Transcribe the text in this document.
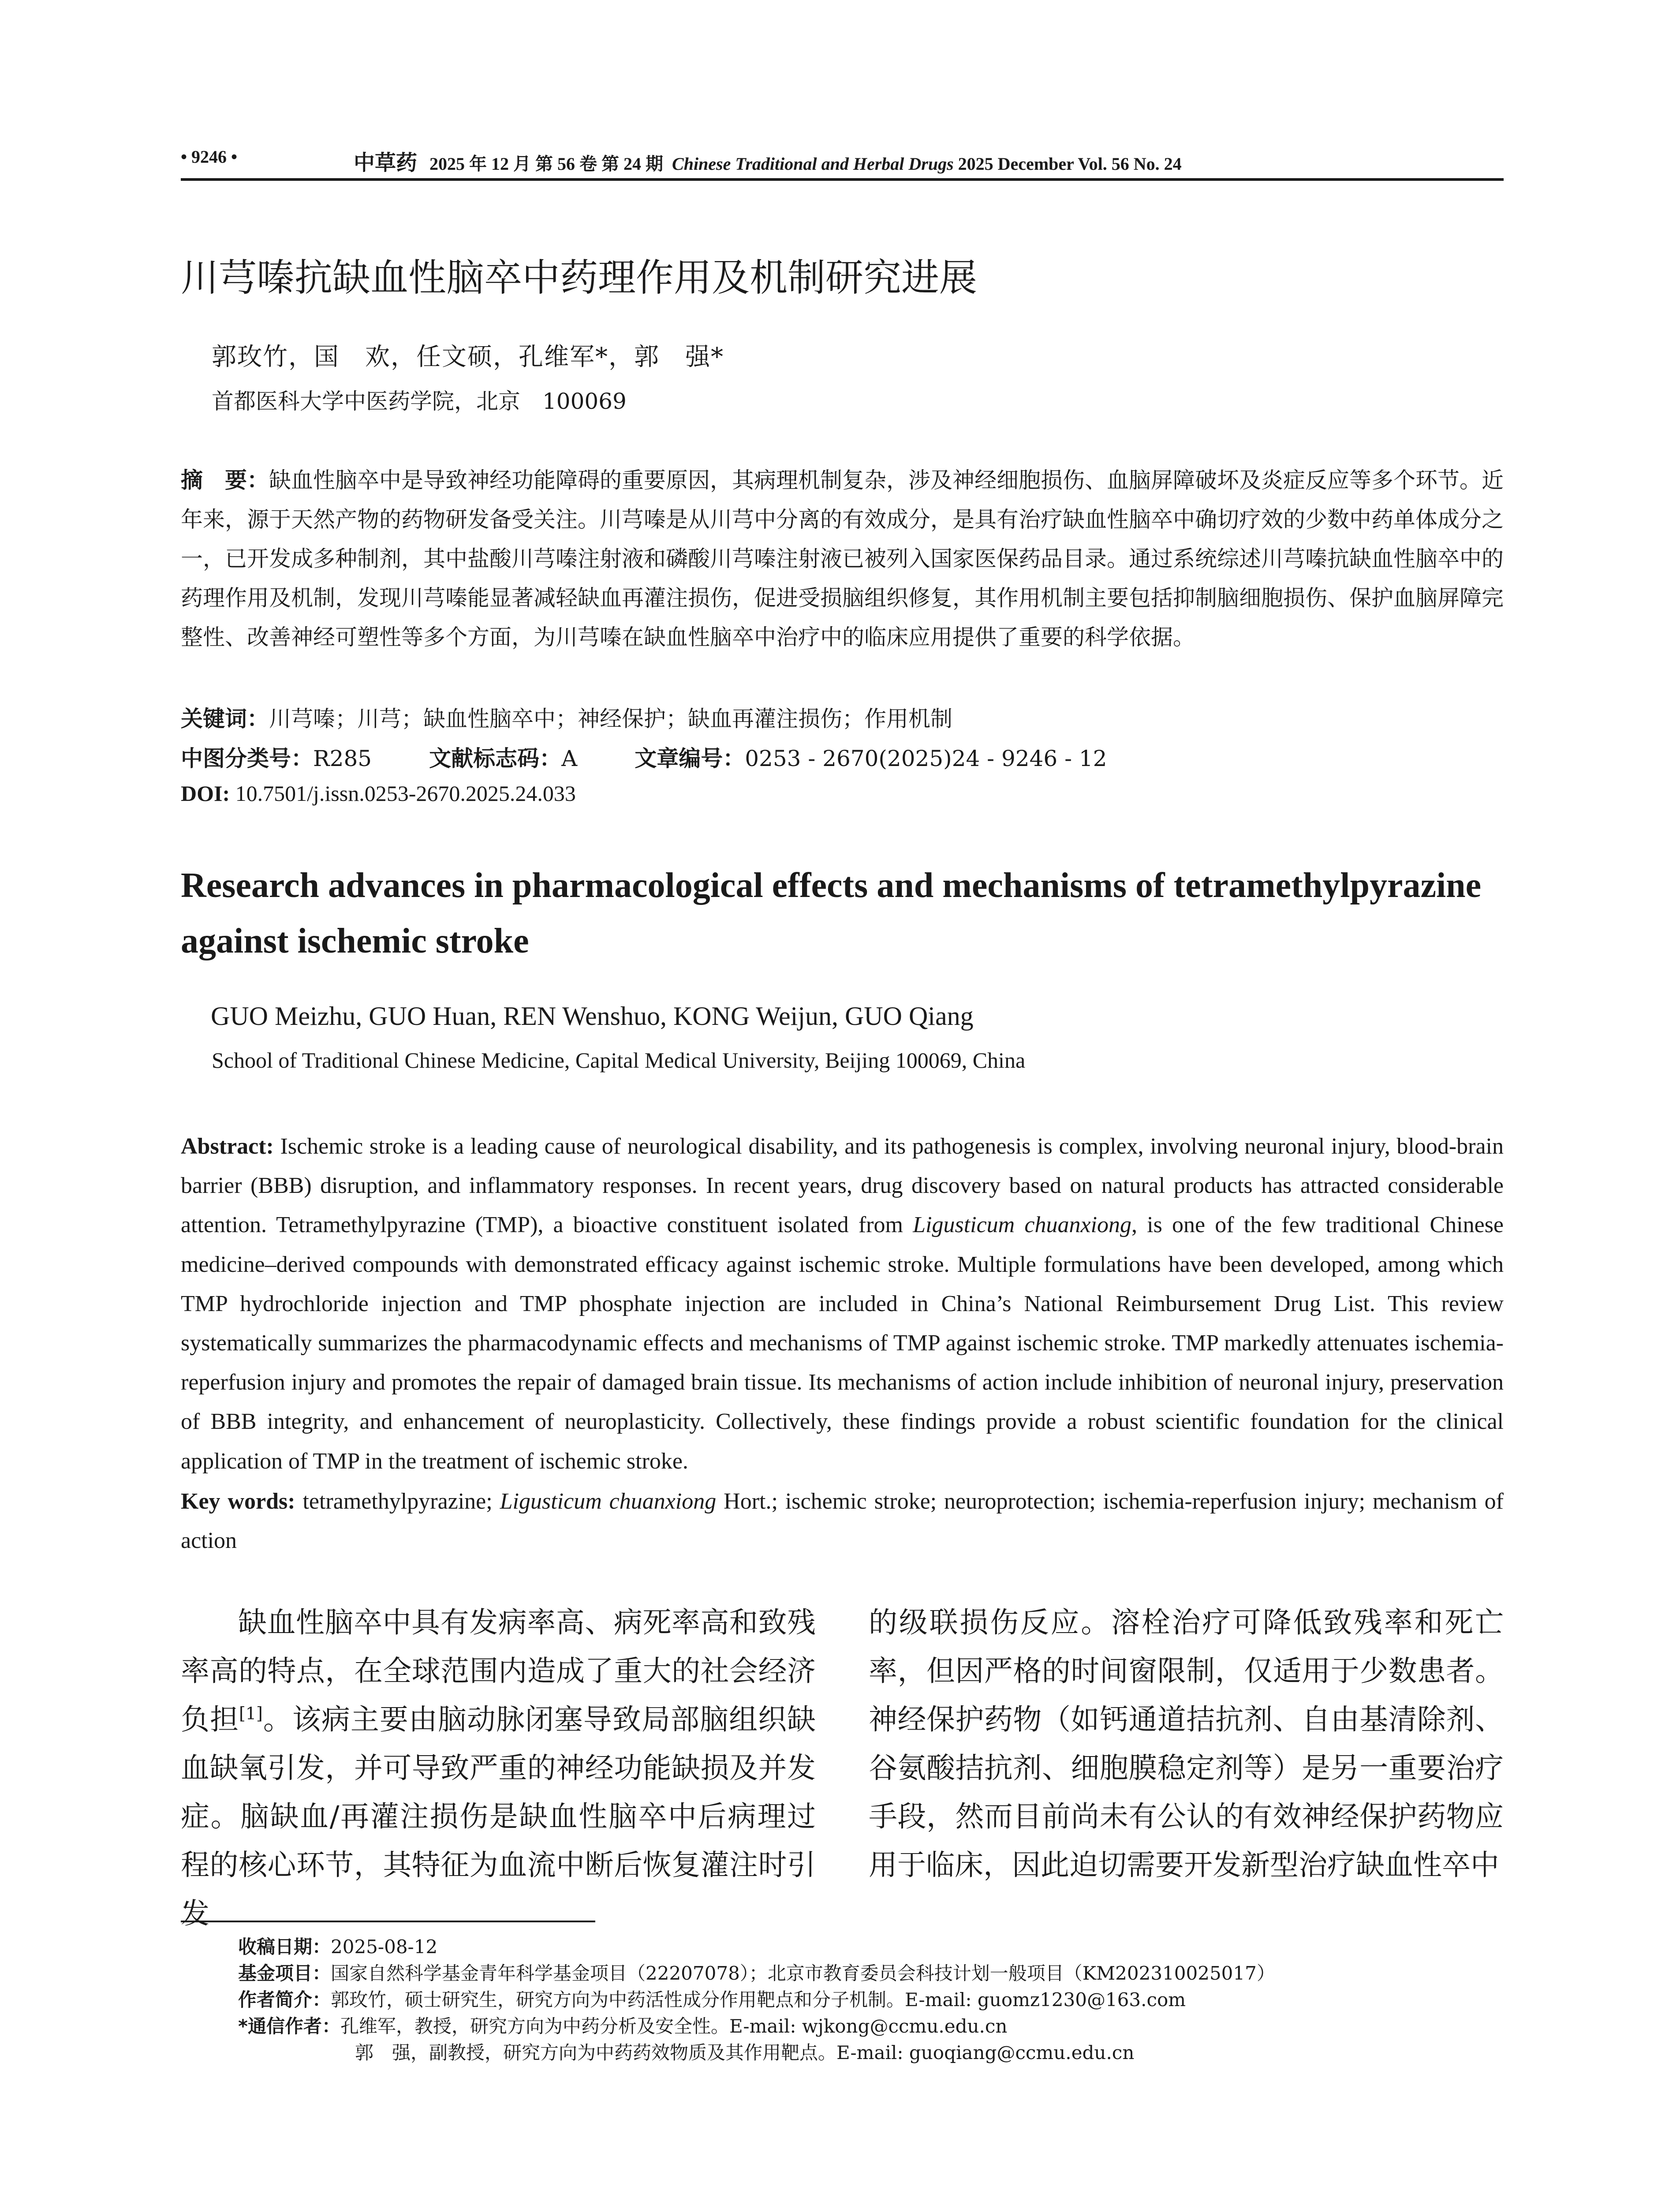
• 9246 •	中草药 2025 年 12 月 第 56 卷 第 24 期 Chinese Traditional and Herbal Drugs 2025 December Vol. 56 No. 24
川芎嗪抗缺血性脑卒中药理作用及机制研究进展
郭玫竹，国　欢，任文硕，孔维军*，郭　强*
首都医科大学中医药学院，北京　100069
摘　要：缺血性脑卒中是导致神经功能障碍的重要原因，其病理机制复杂，涉及神经细胞损伤、血脑屏障破坏及炎症反应等多个环节。近年来，源于天然产物的药物研发备受关注。川芎嗪是从川芎中分离的有效成分，是具有治疗缺血性脑卒中确切疗效的少数中药单体成分之一，已开发成多种制剂，其中盐酸川芎嗪注射液和磷酸川芎嗪注射液已被列入国家医保药品目录。通过系统综述川芎嗪抗缺血性脑卒中的药理作用及机制，发现川芎嗪能显著减轻缺血再灌注损伤，促进受损脑组织修复，其作用机制主要包括抑制脑细胞损伤、保护血脑屏障完整性、改善神经可塑性等多个方面，为川芎嗪在缺血性脑卒中治疗中的临床应用提供了重要的科学依据。
关键词：川芎嗪；川芎；缺血性脑卒中；神经保护；缺血再灌注损伤；作用机制
中图分类号：R285	文献标志码：A	文章编号：0253 - 2670(2025)24 - 9246 - 12
DOI: 10.7501/j.issn.0253-2670.2025.24.033
Research advances in pharmacological effects and mechanisms of tetramethylpyrazine against ischemic stroke
GUO Meizhu, GUO Huan, REN Wenshuo, KONG Weijun, GUO Qiang
School of Traditional Chinese Medicine, Capital Medical University, Beijing 100069, China
Abstract: Ischemic stroke is a leading cause of neurological disability, and its pathogenesis is complex, involving neuronal injury, blood-brain barrier (BBB) disruption, and inflammatory responses. In recent years, drug discovery based on natural products has attracted considerable attention. Tetramethylpyrazine (TMP), a bioactive constituent isolated from Ligusticum chuanxiong, is one of the few traditional Chinese medicine–derived compounds with demonstrated efficacy against ischemic stroke. Multiple formulations have been developed, among which TMP hydrochloride injection and TMP phosphate injection are included in China’s National Reimbursement Drug List. This review systematically summarizes the pharmacodynamic effects and mechanisms of TMP against ischemic stroke. TMP markedly attenuates ischemia-reperfusion injury and promotes the repair of damaged brain tissue. Its mechanisms of action include inhibition of neuronal injury, preservation of BBB integrity, and enhancement of neuroplasticity. Collectively, these findings provide a robust scientific foundation for the clinical application of TMP in the treatment of ischemic stroke.
Key words: tetramethylpyrazine; Ligusticum chuanxiong Hort.; ischemic stroke; neuroprotection; ischemia-reperfusion injury; mechanism of action
缺血性脑卒中具有发病率高、病死率高和致残率高的特点，在全球范围内造成了重大的社会经济负担[1]。该病主要由脑动脉闭塞导致局部脑组织缺血缺氧引发，并可导致严重的神经功能缺损及并发症。脑缺血/再灌注损伤是缺血性脑卒中后病理过程的核心环节，其特征为血流中断后恢复灌注时引发
的级联损伤反应。溶栓治疗可降低致残率和死亡率，但因严格的时间窗限制，仅适用于少数患者。神经保护药物（如钙通道拮抗剂、自由基清除剂、谷氨酸拮抗剂、细胞膜稳定剂等）是另一重要治疗手段，然而目前尚未有公认的有效神经保护药物应用于临床，因此迫切需要开发新型治疗缺血性卒中
收稿日期：2025-08-12
基金项目：国家自然科学基金青年科学基金项目（22207078）；北京市教育委员会科技计划一般项目（KM202310025017）
作者简介：郭玫竹，硕士研究生，研究方向为中药活性成分作用靶点和分子机制。E-mail: guomz1230@163.com
*通信作者：孔维军，教授，研究方向为中药分析及安全性。E-mail: wjkong@ccmu.edu.cn
郭　强，副教授，研究方向为中药药效物质及其作用靶点。E-mail: guoqiang@ccmu.edu.cn
